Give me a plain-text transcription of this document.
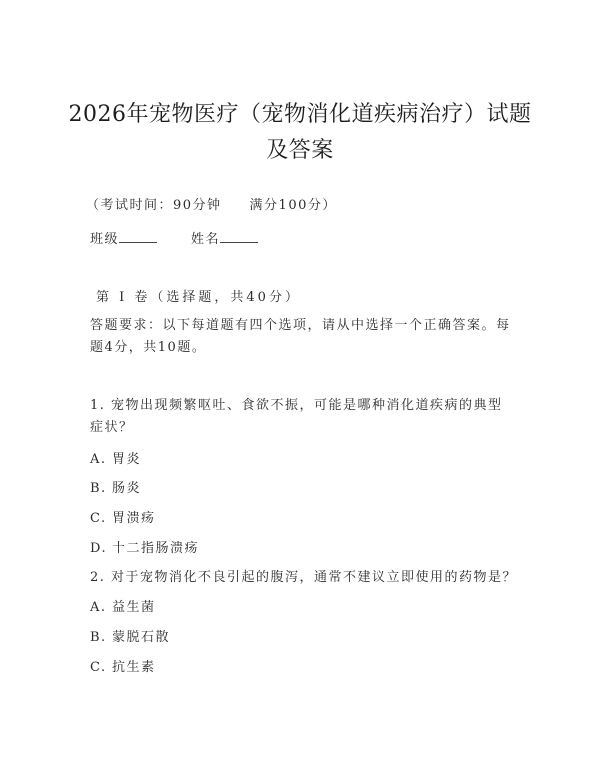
2026年宠物医疗（宠物消化道疾病治疗）试题及答案
（考试时间：90分钟 满分100分）
班级	姓名
第 I 卷（选择题，共40分）
答题要求：以下每道题有四个选项，请从中选择一个正确答案。每题4分，共10题。
1. 宠物出现频繁呕吐、食欲不振，可能是哪种消化道疾病的典型症状？
A. 胃炎
B. 肠炎
C. 胃溃疡
D. 十二指肠溃疡
2. 对于宠物消化不良引起的腹泻，通常不建议立即使用的药物是？
A. 益生菌
B. 蒙脱石散
C. 抗生素
